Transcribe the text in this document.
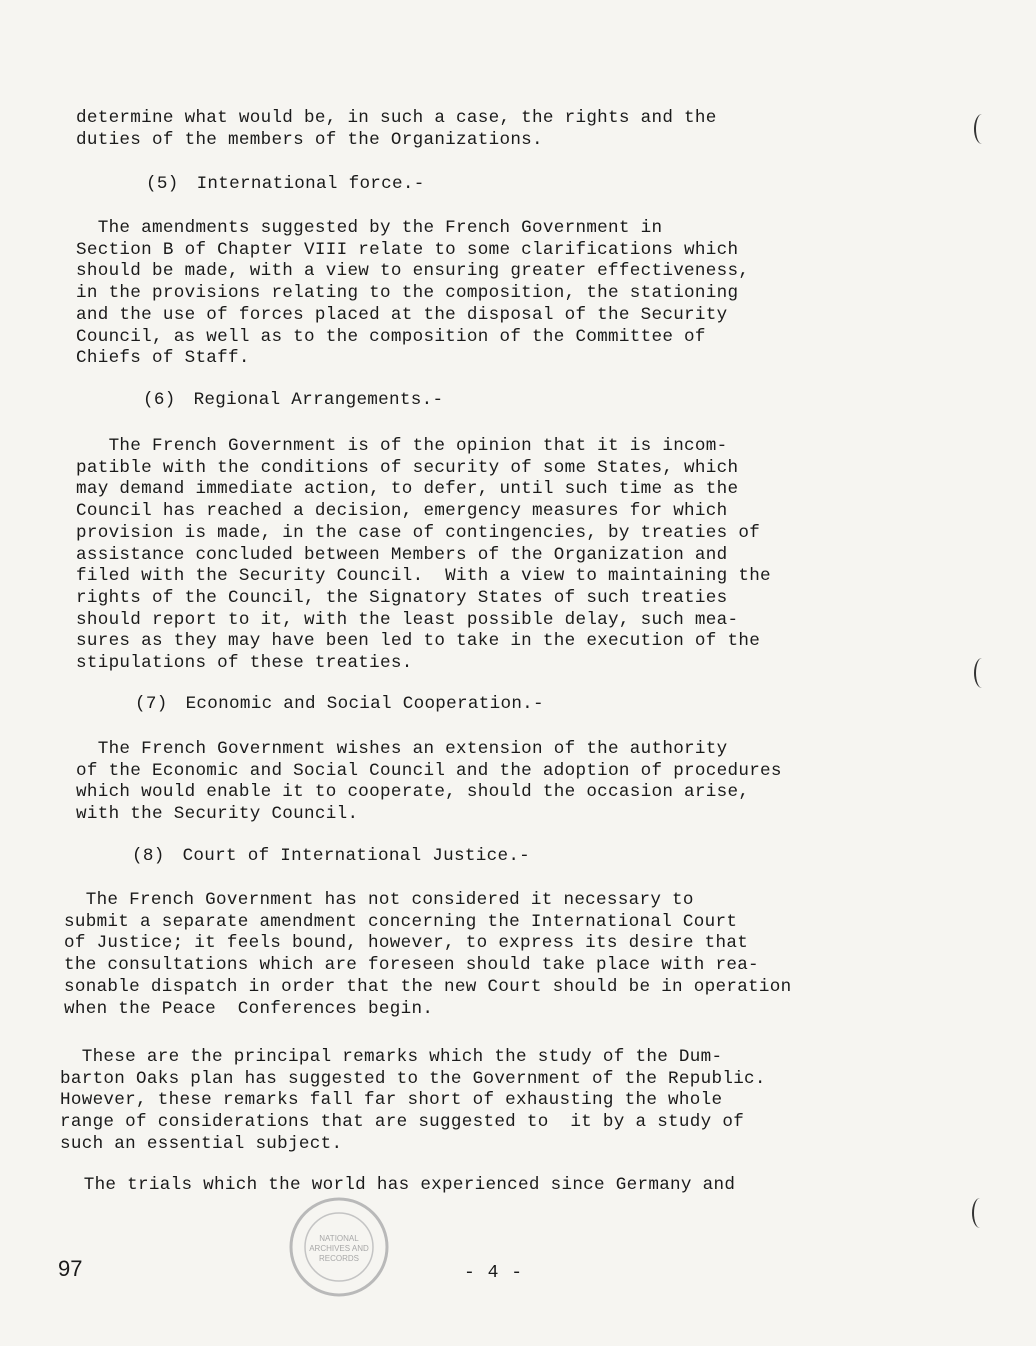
determine what would be, in such a case, the rights and the
duties of the members of the Organizations.

(5) International force.-

The amendments suggested by the French Government in
Section B of Chapter VIII relate to some clarifications which
should be made, with a view to ensuring greater effectiveness,
in the provisions relating to the composition, the stationing
and the use of forces placed at the disposal of the Security
Council, as well as to the composition of the Committee of
Chiefs of Staff.

(6) Regional Arrangements.-

The French Government is of the opinion that it is incom-
patible with the conditions of security of some States, which
may demand immediate action, to defer, until such time as the
Council has reached a decision, emergency measures for which
provision is made, in the case of contingencies, by treaties of
assistance concluded between Members of the Organization and
filed with the Security Council.  With a view to maintaining the
rights of the Council, the Signatory States of such treaties
should report to it, with the least possible delay, such mea-
sures as they may have been led to take in the execution of the
stipulations of these treaties.

(7) Economic and Social Cooperation.-

The French Government wishes an extension of the authority
of the Economic and Social Council and the adoption of procedures
which would enable it to cooperate, should the occasion arise,
with the Security Council.

(8) Court of International Justice.-

The French Government has not considered it necessary to
submit a separate amendment concerning the International Court
of Justice; it feels bound, however, to express its desire that
the consultations which are foreseen should take place with rea-
sonable dispatch in order that the new Court should be in operation
when the Peace  Conferences begin.

These are the principal remarks which the study of the Dum-
barton Oaks plan has suggested to the Government of the Republic.
However, these remarks fall far short of exhausting the whole
range of considerations that are suggested to  it by a study of
such an essential subject.

The trials which the world has experienced since Germany and

97	- 4 -
NATIONAL
ARCHIVES AND
RECORDS
